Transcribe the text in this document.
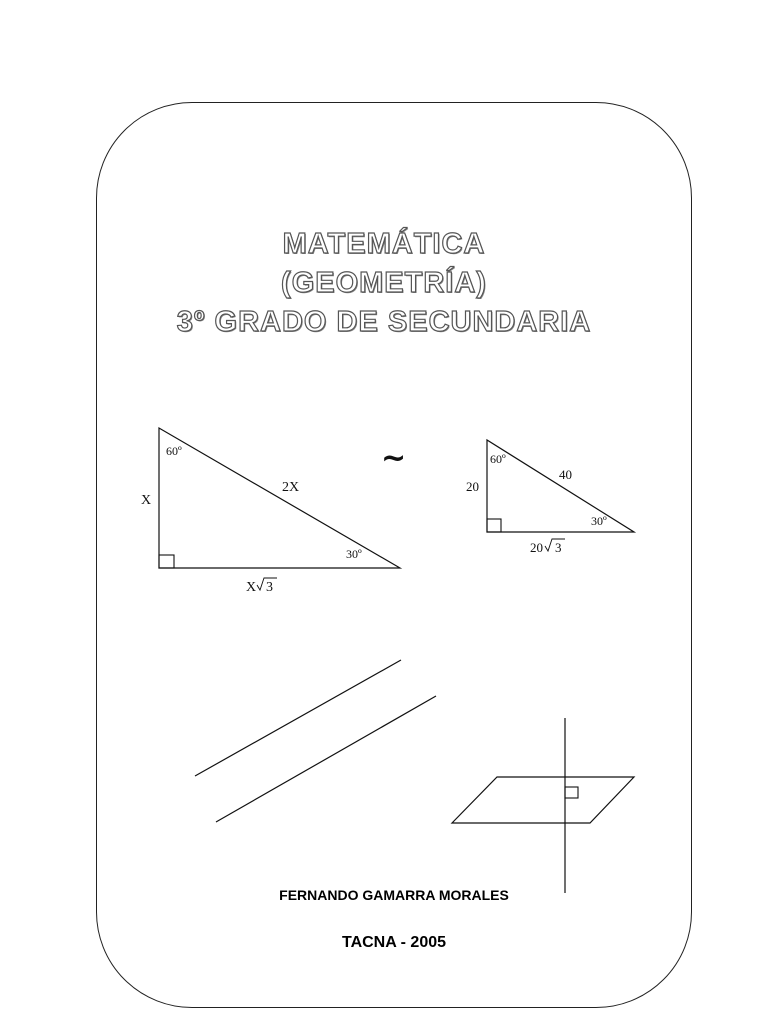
MATEMÁTICA
(GEOMETRÍA)
3º GRADO DE SECUNDARIA
60º
30º
X
2X
X 3
~	60º
30º
20
40
20 3
FERNANDO GAMARRA MORALES
TACNA - 2005
